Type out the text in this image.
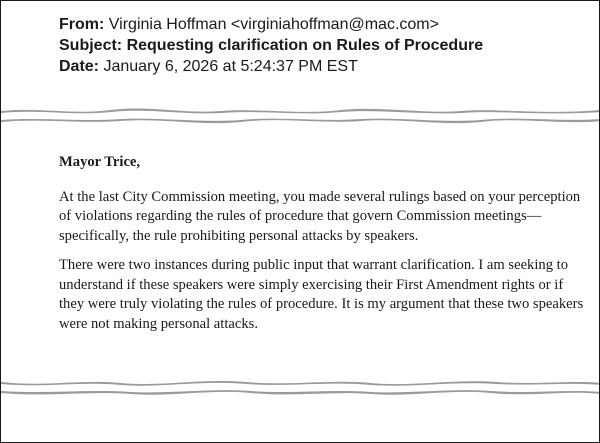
From: Virginia Hoffman <virginiahoffman@mac.com>
Subject: Requesting clarification on Rules of Procedure
Date: January 6, 2026 at 5:24:37 PM EST

Mayor Trice,

At the last City Commission meeting, you made several rulings based on your perception of violations regarding the rules of procedure that govern Commission meetings—specifically, the rule prohibiting personal attacks by speakers.

There were two instances during public input that warrant clarification. I am seeking to understand if these speakers were simply exercising their First Amendment rights or if they were truly violating the rules of procedure. It is my argument that these two speakers were not making personal attacks.
